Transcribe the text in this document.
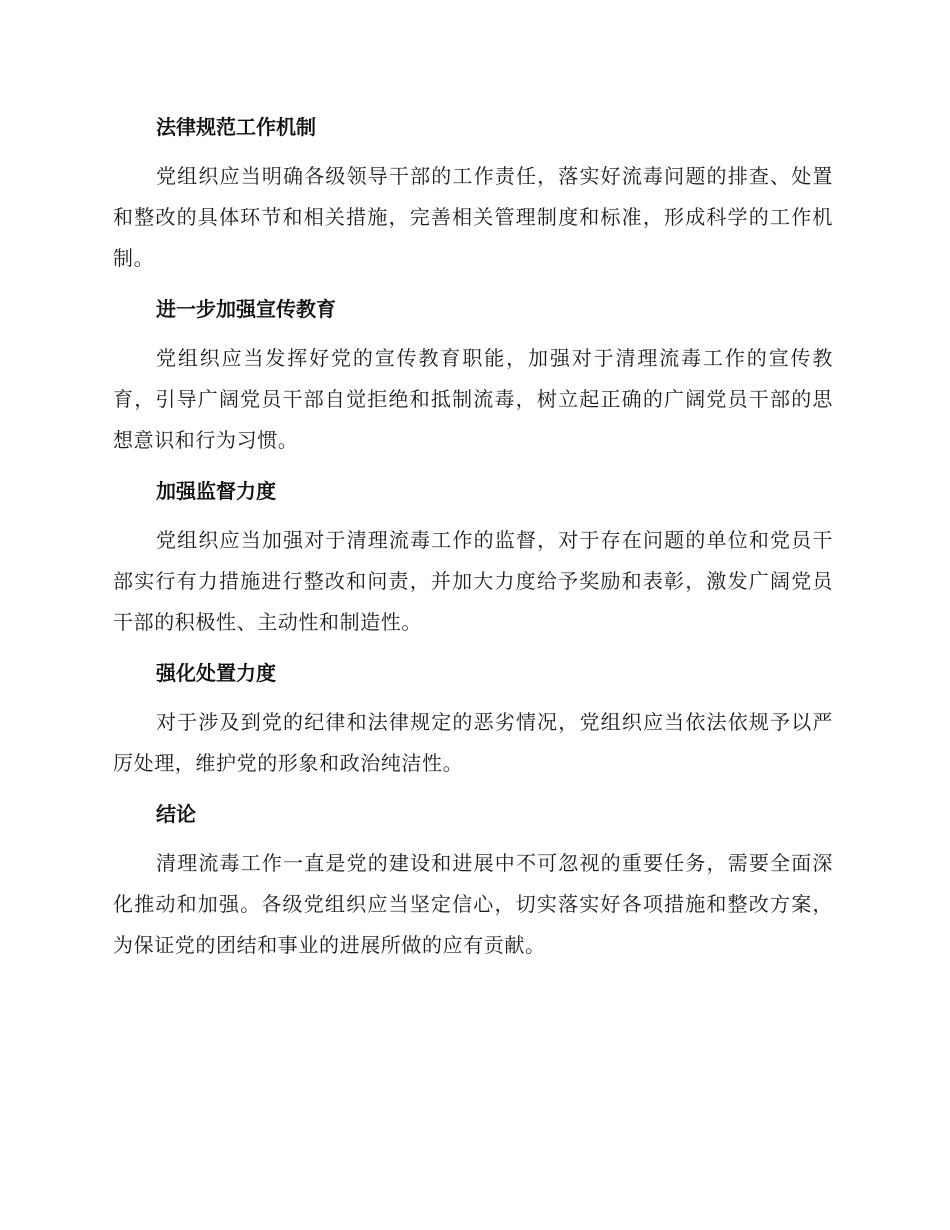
法律规范工作机制

党组织应当明确各级领导干部的工作责任，落实好流毒问题的排查、处置和整改的具体环节和相关措施，完善相关管理制度和标准，形成科学的工作机制。

进一步加强宣传教育

党组织应当发挥好党的宣传教育职能，加强对于清理流毒工作的宣传教育，引导广阔党员干部自觉拒绝和抵制流毒，树立起正确的广阔党员干部的思想意识和行为习惯。

加强监督力度

党组织应当加强对于清理流毒工作的监督，对于存在问题的单位和党员干部实行有力措施进行整改和问责，并加大力度给予奖励和表彰，激发广阔党员干部的积极性、主动性和制造性。

强化处置力度

对于涉及到党的纪律和法律规定的恶劣情况，党组织应当依法依规予以严厉处理，维护党的形象和政治纯洁性。

结论

清理流毒工作一直是党的建设和进展中不可忽视的重要任务，需要全面深化推动和加强。各级党组织应当坚定信心，切实落实好各项措施和整改方案，为保证党的团结和事业的进展所做的应有贡献。
